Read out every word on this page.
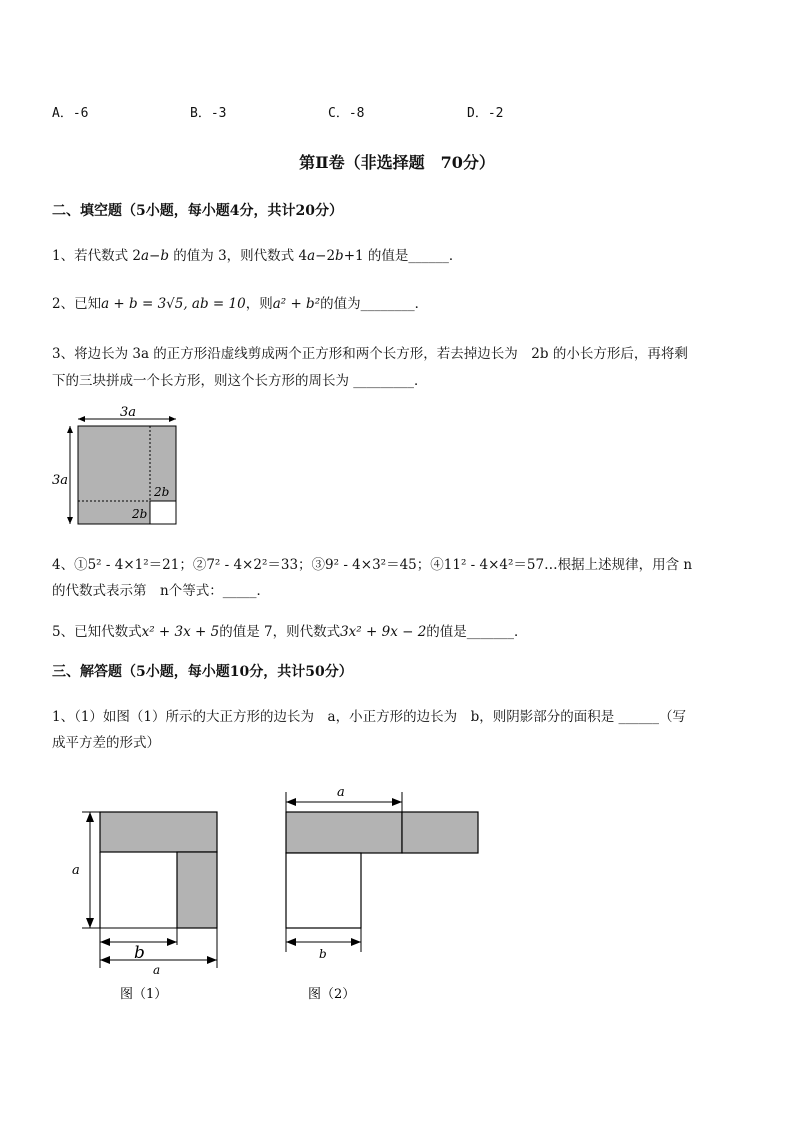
A．-6	B．-3	C．-8	D．-2
第Ⅱ卷（非选择题　70分）
二、填空题（5小题，每小题4分，共计20分）
1、若代数式 2a−b 的值为 3，则代数式 4a−2b+1 的值是______．
2、已知a + b = 3√5, ab = 10，则a² + b²的值为________．
3、将边长为 3a 的正方形沿虚线剪成两个正方形和两个长方形，若去掉边长为　2b 的小长方形后，再将剩
下的三块拼成一个长方形，则这个长方形的周长为 _________．
3a
3a
2b
2b
4、①5² - 4×1²＝21；②7² - 4×2²＝33；③9² - 4×3²＝45；④11² - 4×4²＝57…根据上述规律，用含 n
的代数式表示第　n个等式：_____．
5、已知代数式x² + 3x + 5的值是 7，则代数式3x² + 9x − 2的值是_______．
三、解答题（5小题，每小题10分，共计50分）
1、（1）如图（1）所示的大正方形的边长为　a，小正方形的边长为　b，则阴影部分的面积是 ______（写
成平方差的形式）
a
b
a
图（1）
a
b
图（2）
